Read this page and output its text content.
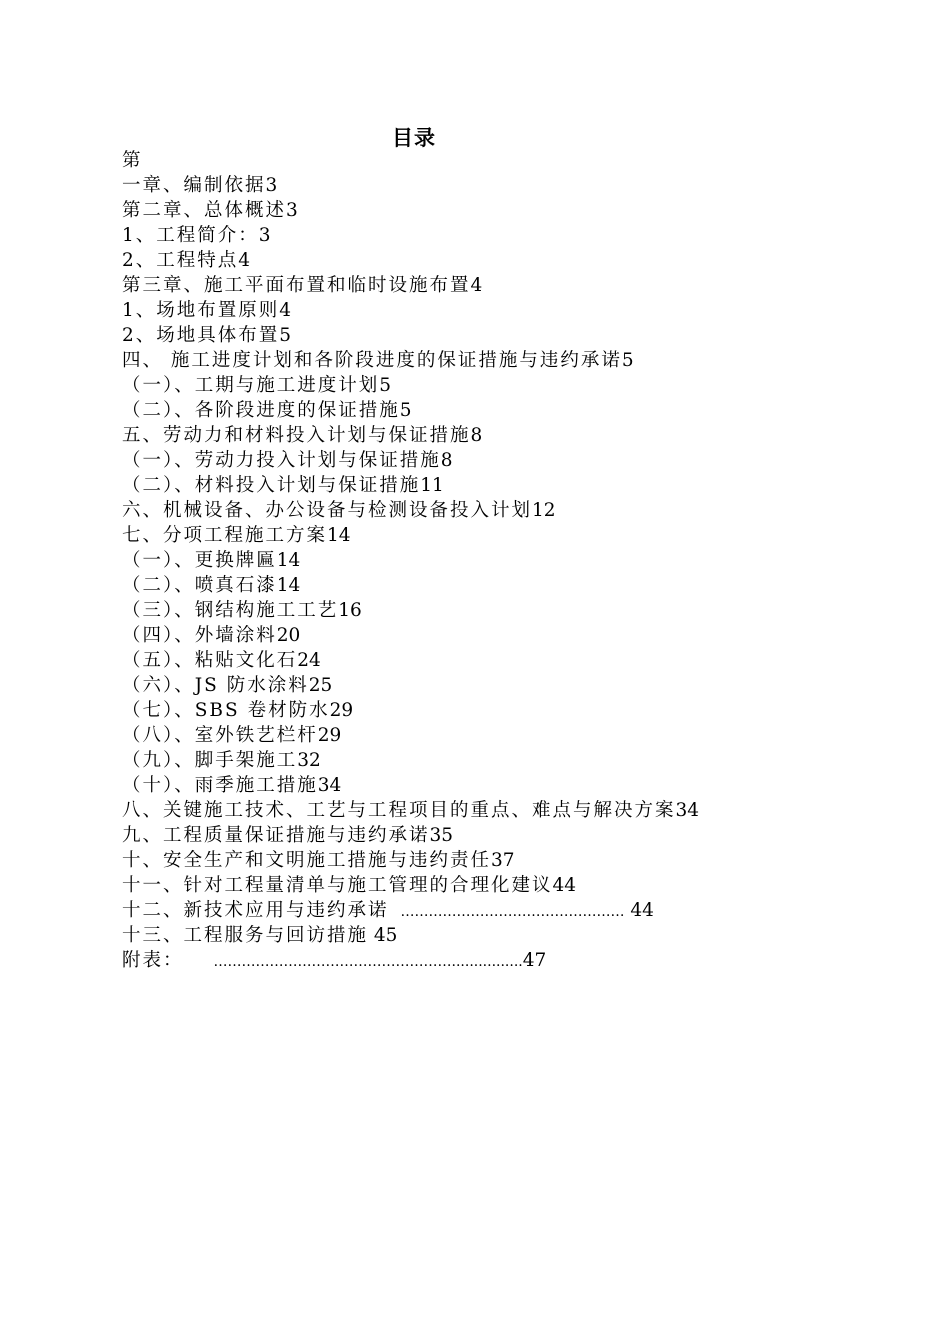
目录
第
一章、编制依据3
第二章、总体概述3
1、工程简介：3
2、工程特点4
第三章、施工平面布置和临时设施布置4
1、场地布置原则4
2、场地具体布置5
四、 施工进度计划和各阶段进度的保证措施与违约承诺5
（一）、工期与施工进度计划5
（二）、各阶段进度的保证措施5
五、劳动力和材料投入计划与保证措施8
（一）、劳动力投入计划与保证措施8
（二）、材料投入计划与保证措施11
六、机械设备、办公设备与检测设备投入计划12
七、分项工程施工方案14
（一）、更换牌匾14
（二）、喷真石漆14
（三）、钢结构施工工艺16
（四）、外墙涂料20
（五）、粘贴文化石24
（六）、JS 防水涂料25
（七）、SBS 卷材防水29
（八）、室外铁艺栏杆29
（九）、脚手架施工32
（十）、雨季施工措施34
八、关键施工技术、工艺与工程项目的重点、难点与解决方案34
九、工程质量保证措施与违约承诺35
十、安全生产和文明施工措施与违约责任37
十一、针对工程量清单与施工管理的合理化建议44
十二、新技术应用与违约承诺 ………………………………………… 44
十三、工程服务与回访措施 45
附表： ……………………………………………................47
